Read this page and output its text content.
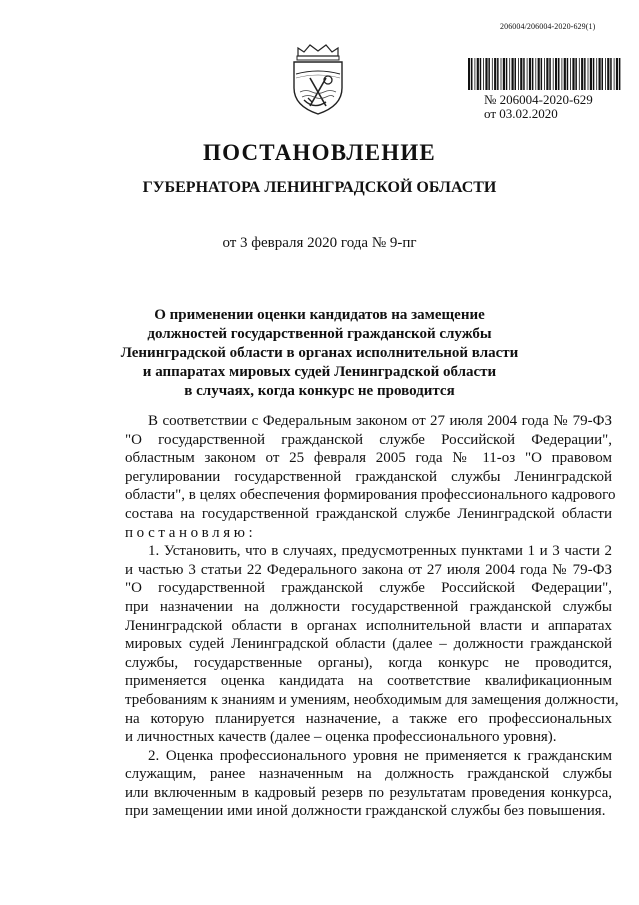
206004/206004-2020-629(1)
№ 206004-2020-629
от 03.02.2020
ПОСТАНОВЛЕНИЕ
ГУБЕРНАТОРА ЛЕНИНГРАДСКОЙ ОБЛАСТИ
от 3 февраля 2020 года № 9-пг
О применении оценки кандидатов на замещение
должностей государственной гражданской службы
Ленинградской области в органах исполнительной власти
и аппаратах мировых судей Ленинградской области
в случаях, когда конкурс не проводится
В соответствии с Федеральным законом от 27 июля 2004 года № 79-ФЗ
"О государственной гражданской службе Российской Федерации",
областным законом от 25 февраля 2005 года № 11-оз "О правовом
регулировании государственной гражданской службы Ленинградской
области", в целях обеспечения формирования профессионального кадрового
состава на государственной гражданской службе Ленинградской области
постановляю:
1. Установить, что в случаях, предусмотренных пунктами 1 и 3 части 2
и частью 3 статьи 22 Федерального закона от 27 июля 2004 года № 79-ФЗ
"О государственной гражданской службе Российской Федерации",
при назначении на должности государственной гражданской службы
Ленинградской области в органах исполнительной власти и аппаратах
мировых судей Ленинградской области (далее – должности гражданской
службы, государственные органы), когда конкурс не проводится,
применяется оценка кандидата на соответствие квалификационным
требованиям к знаниям и умениям, необходимым для замещения должности,
на которую планируется назначение, а также его профессиональных
и личностных качеств (далее – оценка профессионального уровня).
2. Оценка профессионального уровня не применяется к гражданским
служащим, ранее назначенным на должность гражданской службы
или включенным в кадровый резерв по результатам проведения конкурса,
при замещении ими иной должности гражданской службы без повышения.
